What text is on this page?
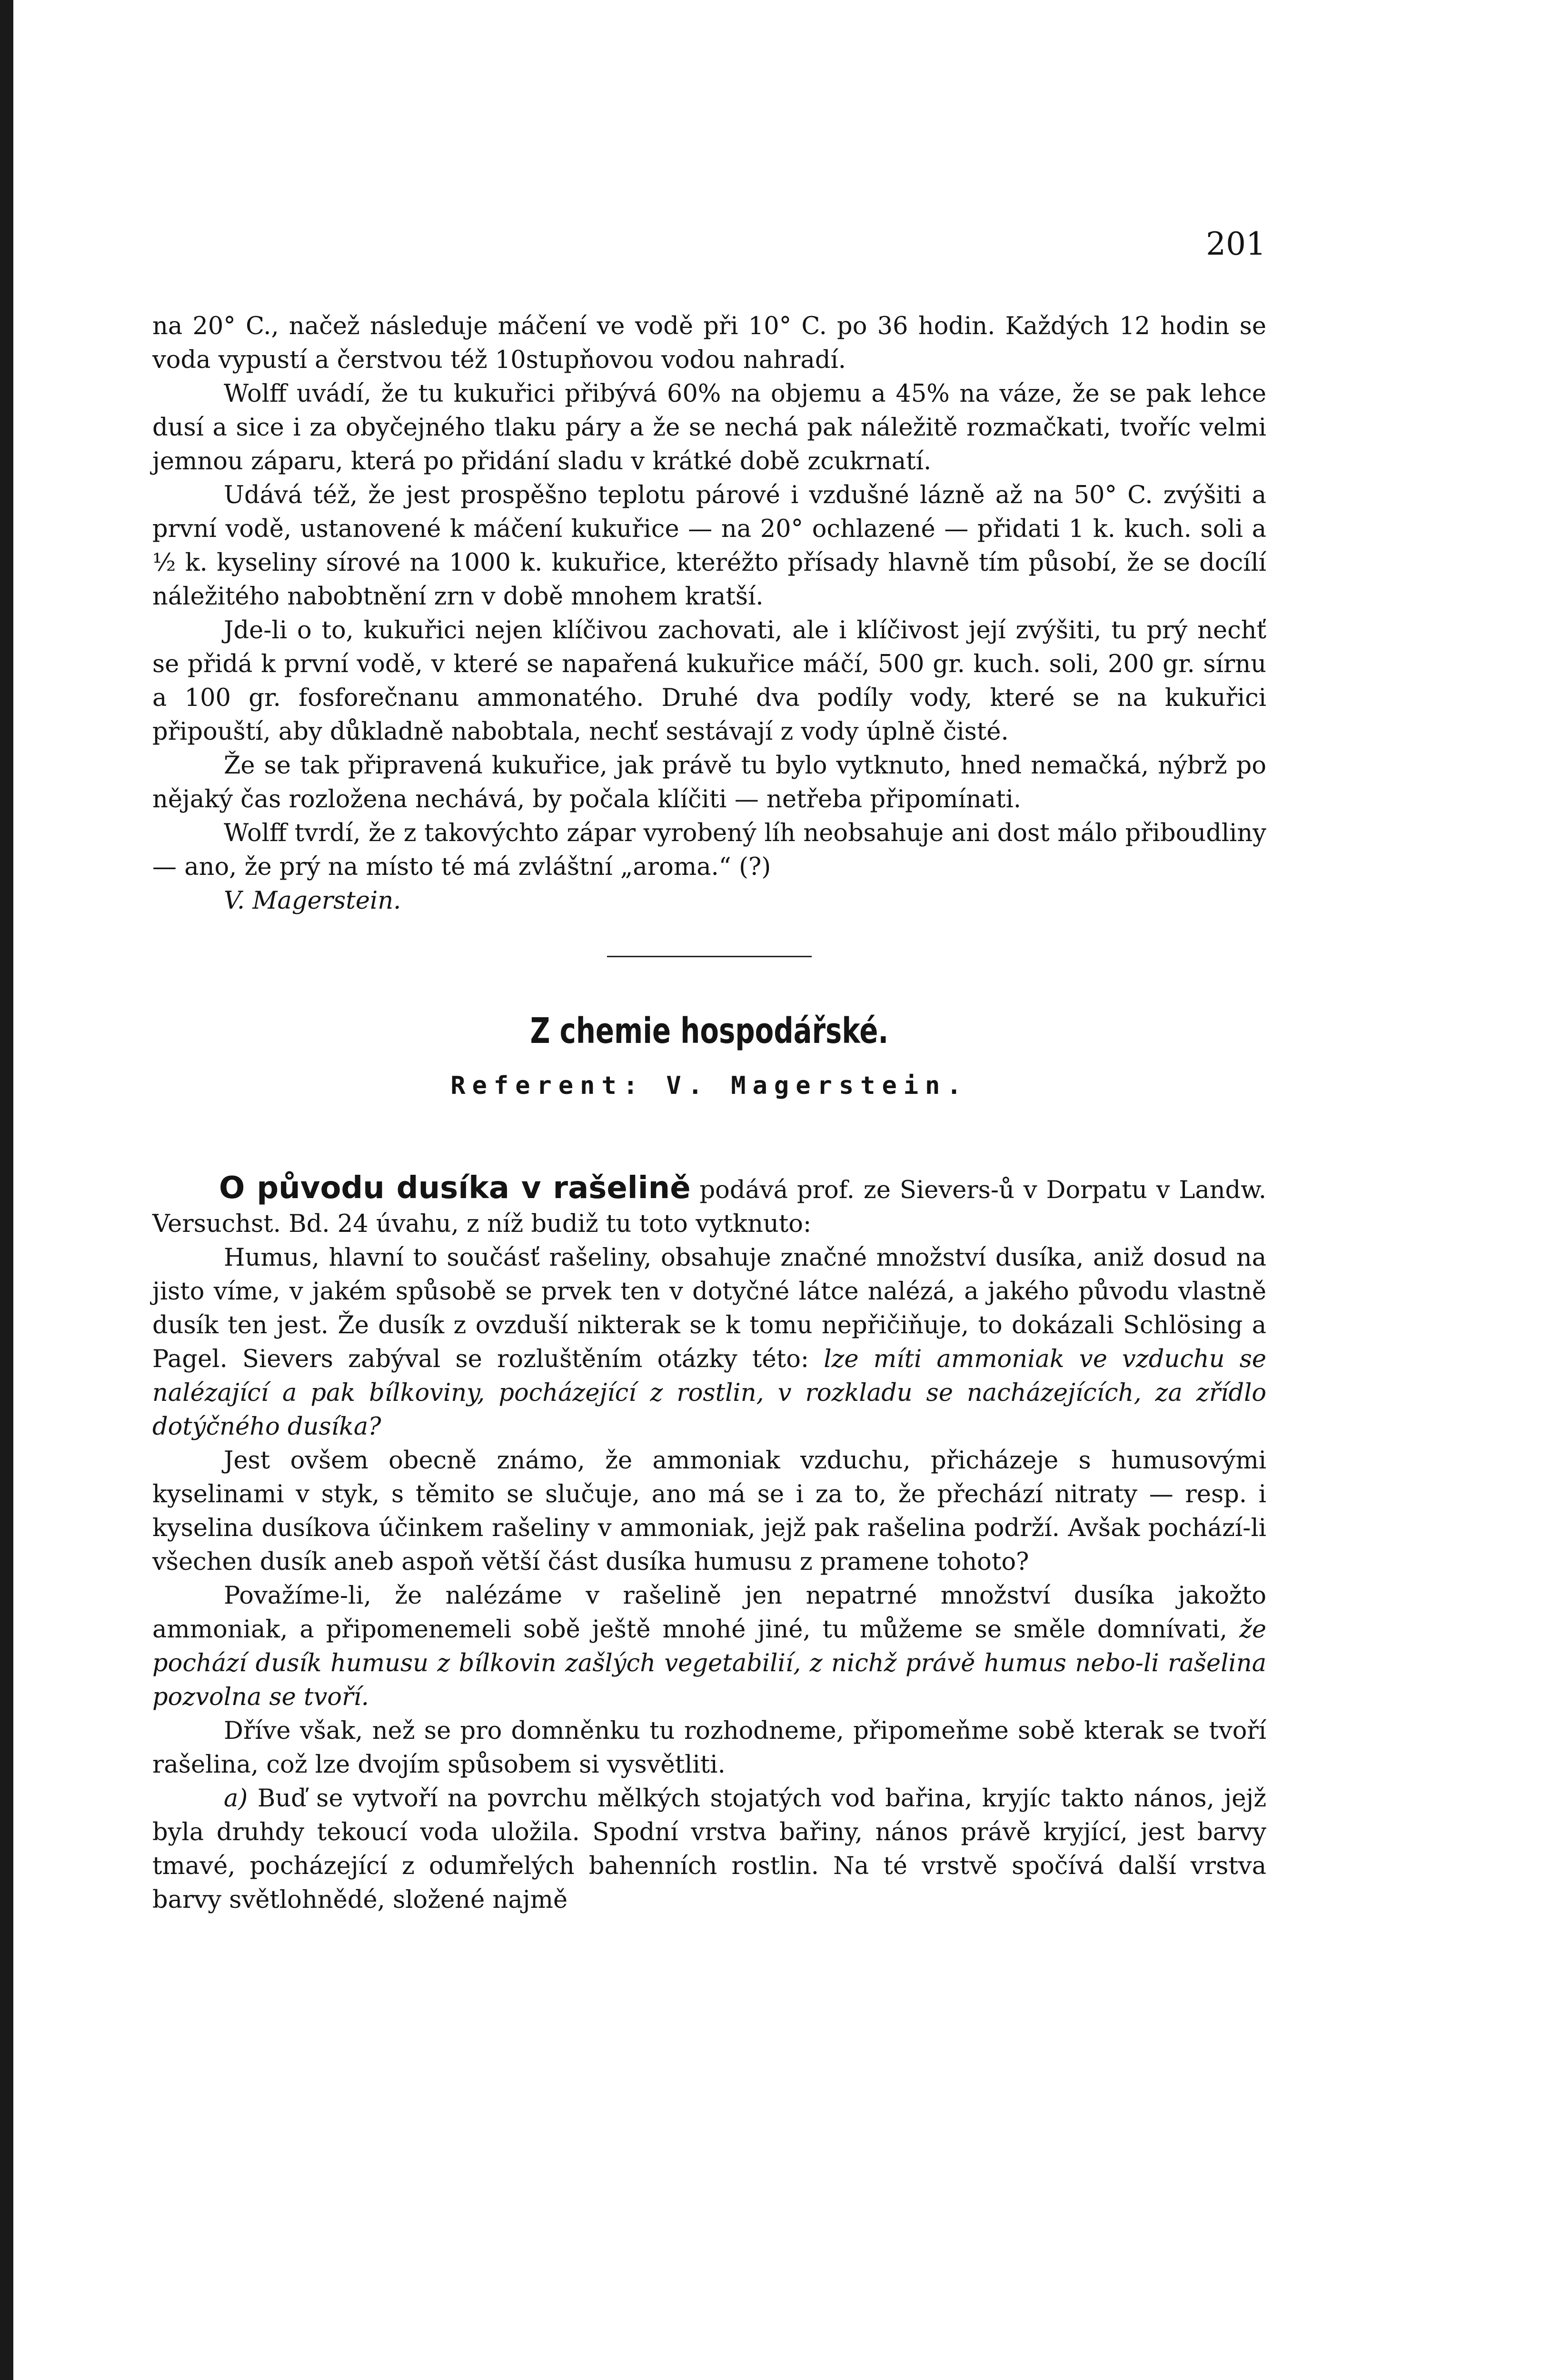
201

na 20° C., načež následuje máčení ve vodě při 10° C. po 36 hodin. Každých 12 hodin se voda vypustí a čerstvou též 10stupňovou vodou nahradí.

Wolff uvádí, že tu kukuřici přibývá 60% na objemu a 45% na váze, že se pak lehce dusí a sice i za obyčejného tlaku páry a že se nechá pak náležitě rozmačkati, tvoříc velmi jemnou záparu, která po přidání sladu v krátké době zcukrnatí.

Udává též, že jest prospěšno teplotu párové i vzdušné lázně až na 50° C. zvýšiti a první vodě, ustanovené k máčení kukuřice — na 20° ochlazené — přidati 1 k. kuch. soli a ½ k. kyseliny sírové na 1000 k. kukuřice, kteréžto přísady hlavně tím působí, že se docílí náležitého nabobtnění zrn v době mnohem kratší.

Jde-li o to, kukuřici nejen klíčivou zachovati, ale i klíčivost její zvýšiti, tu prý nechť se přidá k první vodě, v které se napařená kukuřice máčí, 500 gr. kuch. soli, 200 gr. sírnu a 100 gr. fosforečnanu ammonatého. Druhé dva podíly vody, které se na kukuřici připouští, aby důkladně nabobtala, nechť sestávají z vody úplně čisté.

Že se tak připravená kukuřice, jak právě tu bylo vytknuto, hned nemačká, nýbrž po nějaký čas rozložena nechává, by počala klíčiti — netřeba připomínati.

Wolff tvrdí, že z takovýchto zápar vyrobený líh neobsahuje ani dost málo přiboudliny — ano, že prý na místo té má zvláštní „aroma.“ (?)

V. Magerstein.

Z chemie hospodářské.

Referent: V. Magerstein.

O původu dusíka v rašelině podává prof. ze Sievers-ů v Dorpatu v Landw. Versuchst. Bd. 24 úvahu, z níž budiž tu toto vytknuto:

Humus, hlavní to součásť rašeliny, obsahuje značné množství dusíka, aniž dosud na jisto víme, v jakém spůsobě se prvek ten v dotyčné látce nalézá, a jakého původu vlastně dusík ten jest. Že dusík z ovzduší nikterak se k tomu nepřičiňuje, to dokázali Schlösing a Pagel. Sievers zabýval se rozluštěním otázky této: lze míti ammoniak ve vzduchu se nalézající a pak bílkoviny, pocházející z rostlin, v rozkladu se nacházejících, za zřídlo dotýčného dusíka?

Jest ovšem obecně známo, že ammoniak vzduchu, přicházeje s humusovými kyselinami v styk, s těmito se slučuje, ano má se i za to, že přechází nitraty — resp. i kyselina dusíkova účinkem rašeliny v ammoniak, jejž pak rašelina podrží. Avšak pochází-li všechen dusík aneb aspoň větší část dusíka humusu z pramene tohoto?

Považíme-li, že nalézáme v rašelině jen nepatrné množství dusíka jakožto ammoniak, a připomenemeli sobě ještě mnohé jiné, tu můžeme se směle domnívati, že pochází dusík humusu z bílkovin zašlých vegetabilií, z nichž právě humus nebo-li rašelina pozvolna se tvoří.

Dříve však, než se pro domněnku tu rozhodneme, připomeňme sobě kterak se tvoří rašelina, což lze dvojím spůsobem si vysvětliti.

a) Buď se vytvoří na povrchu mělkých stojatých vod bařina, kryjíc takto nános, jejž byla druhdy tekoucí voda uložila. Spodní vrstva bařiny, nános právě kryjící, jest barvy tmavé, pocházející z odumřelých bahenních rostlin. Na té vrstvě spočívá další vrstva barvy světlohnědé, složené najmě
